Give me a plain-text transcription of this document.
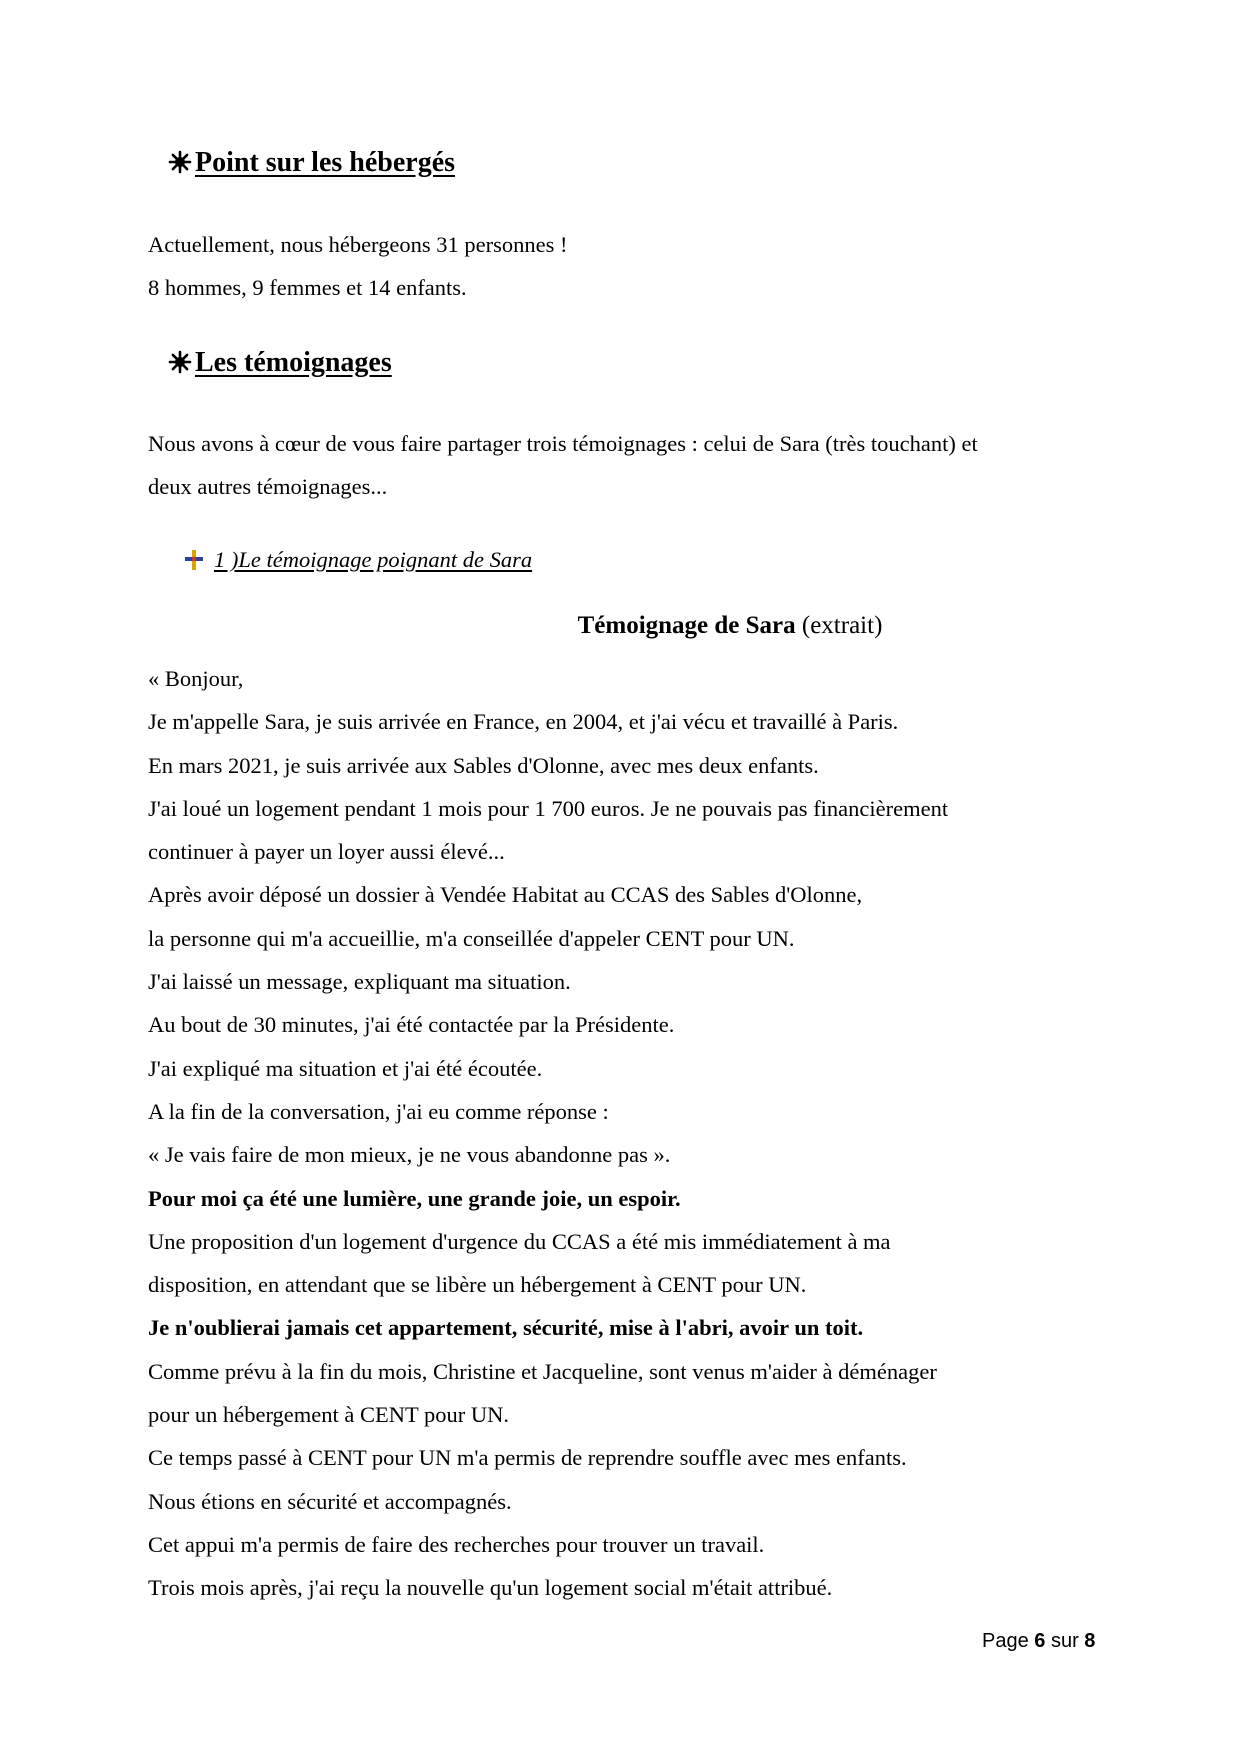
Point sur les hébergés
Actuellement, nous hébergeons 31 personnes !
8 hommes, 9 femmes et 14 enfants.
Les témoignages
Nous avons à cœur de vous faire partager trois témoignages : celui de Sara (très touchant) et
deux autres témoignages...
1 )Le témoignage poignant de Sara
Témoignage de Sara (extrait)
« Bonjour,
Je m'appelle Sara, je suis arrivée en France, en 2004, et j'ai vécu et travaillé à Paris.
En mars 2021, je suis arrivée aux Sables d'Olonne, avec mes deux enfants.
J'ai loué un logement pendant 1 mois pour 1 700 euros. Je ne pouvais pas financièrement
continuer à payer un loyer aussi élevé...
Après avoir déposé un dossier à Vendée Habitat au CCAS des Sables d'Olonne,
la personne qui m'a accueillie, m'a conseillée d'appeler CENT pour UN.
J'ai laissé un message, expliquant ma situation.
Au bout de 30 minutes, j'ai été contactée par la Présidente.
J'ai expliqué ma situation et j'ai été écoutée.
A la fin de la conversation, j'ai eu comme réponse :
« Je vais faire de mon mieux, je ne vous abandonne pas ».
Pour moi ça été une lumière, une grande joie, un espoir.
Une proposition d'un logement d'urgence du CCAS a été mis immédiatement à ma
disposition, en attendant que se libère un hébergement à CENT pour UN.
Je n'oublierai jamais cet appartement, sécurité, mise à l'abri, avoir un toit.
Comme prévu à la fin du mois, Christine et Jacqueline, sont venus m'aider à déménager
pour un hébergement à CENT pour UN.
Ce temps passé à CENT pour UN m'a permis de reprendre souffle avec mes enfants.
Nous étions en sécurité et accompagnés.
Cet appui m'a permis de faire des recherches pour trouver un travail.
Trois mois après, j'ai reçu la nouvelle qu'un logement social m'était attribué.
Page 6 sur 8
